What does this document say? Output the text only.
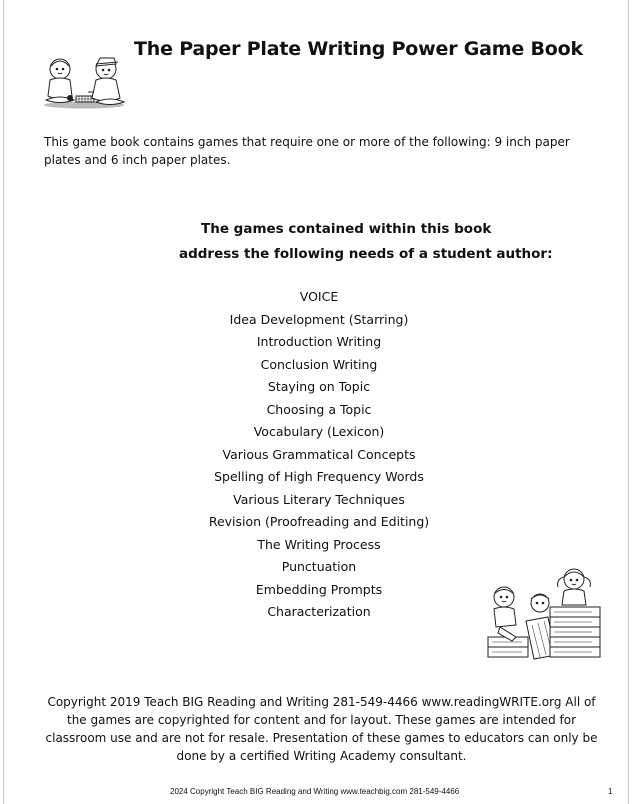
The Paper Plate Writing Power Game Book

This game book contains games that require one or more of the following: 9 inch paper plates and 6 inch paper plates.

The games contained within this book
address the following needs of a student author:
VOICE
Idea Development (Starring)
Introduction Writing
Conclusion Writing
Staying on Topic
Choosing a Topic
Vocabulary (Lexicon)
Various Grammatical Concepts
Spelling of High Frequency Words
Various Literary Techniques
Revision (Proofreading and Editing)
The Writing Process
Punctuation
Embedding Prompts
Characterization

Copyright 2019 Teach BIG Reading and Writing 281-549-4466 www.readingWRITE.org All of the games are copyrighted for content and for layout. These games are intended for classroom use and are not for resale. Presentation of these games to educators can only be done by a certified Writing Academy consultant.

2024 Copyright Teach BIG Reading and Writing www.teachbig.com 281-549-4466	1
